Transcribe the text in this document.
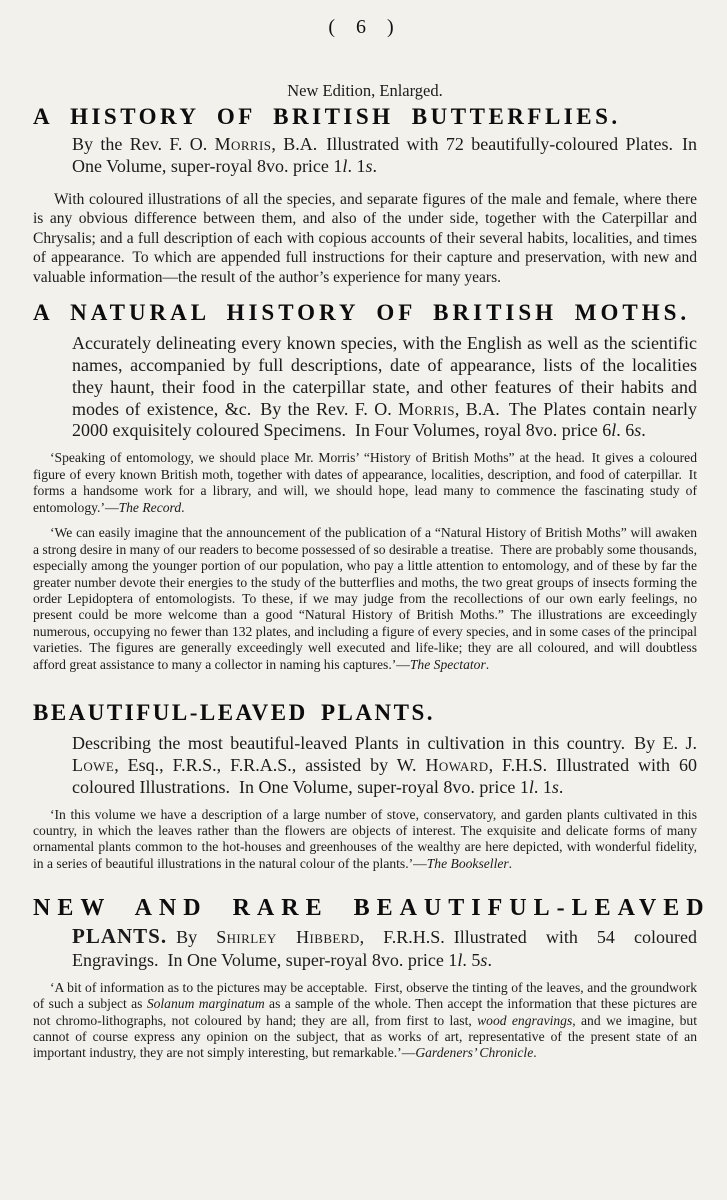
( 6 )
New Edition, Enlarged.
A HISTORY OF BRITISH BUTTERFLIES.

By the Rev. F. O. Morris, B.A. Illustrated with 72 beautifully-coloured Plates. In One Volume, super-royal 8vo. price 1l. 1s.

With coloured illustrations of all the species, and separate figures of the male and female, where there is any obvious difference between them, and also of the under side, together with the Caterpillar and Chrysalis; and a full description of each with copious accounts of their several habits, localities, and times of appearance. To which are appended full instructions for their capture and preservation, with new and valuable information—the result of the author’s experience for many years.

A NATURAL HISTORY OF BRITISH MOTHS.

Accurately delineating every known species, with the English as well as the scientific names, accompanied by full descriptions, date of appearance, lists of the localities they haunt, their food in the caterpillar state, and other features of their habits and modes of existence, &c. By the Rev. F. O. Morris, B.A. The Plates contain nearly 2000 exquisitely coloured Specimens. In Four Volumes, royal 8vo. price 6l. 6s.

‘Speaking of entomology, we should place Mr. Morris’ “History of British Moths” at the head. It gives a coloured figure of every known British moth, together with dates of appearance, localities, description, and food of caterpillar. It forms a handsome work for a library, and will, we should hope, lead many to commence the fascinating study of entomology.’—The Record.

‘We can easily imagine that the announcement of the publication of a “Natural History of British Moths” will awaken a strong desire in many of our readers to become possessed of so desirable a treatise. There are probably some thousands, especially among the younger portion of our population, who pay a little attention to entomology, and of these by far the greater number devote their energies to the study of the butterflies and moths, the two great groups of insects forming the order Lepidoptera of entomologists. To these, if we may judge from the recollections of our own early feelings, no present could be more welcome than a good “Natural History of British Moths.” The illustrations are exceedingly numerous, occupying no fewer than 132 plates, and including a figure of every species, and in some cases of the principal varieties. The figures are generally exceedingly well executed and life-like; they are all coloured, and will doubtless afford great assistance to many a collector in naming his captures.’—The Spectator.

BEAUTIFUL-LEAVED PLANTS.

Describing the most beautiful-leaved Plants in cultivation in this country. By E. J. Lowe, Esq., F.R.S., F.R.A.S., assisted by W. Howard, F.H.S. Illustrated with 60 coloured Illustrations. In One Volume, super-royal 8vo. price 1l. 1s.

‘In this volume we have a description of a large number of stove, conservatory, and garden plants cultivated in this country, in which the leaves rather than the flowers are objects of interest. The exquisite and delicate forms of many ornamental plants common to the hot-houses and greenhouses of the wealthy are here depicted, with wonderful fidelity, in a series of beautiful illustrations in the natural colour of the plants.’—The Bookseller.

NEW AND RARE BEAUTIFUL-LEAVED

PLANTS. By Shirley Hibberd, F.R.H.S. Illustrated with 54 coloured Engravings. In One Volume, super-royal 8vo. price 1l. 5s.

‘A bit of information as to the pictures may be acceptable. First, observe the tinting of the leaves, and the groundwork of such a subject as Solanum marginatum as a sample of the whole. Then accept the information that these pictures are not chromo-lithographs, not coloured by hand; they are all, from first to last, wood engravings, and we imagine, but cannot of course express any opinion on the subject, that as works of art, representative of the present state of an important industry, they are not simply interesting, but remarkable.’—Gardeners’ Chronicle.
